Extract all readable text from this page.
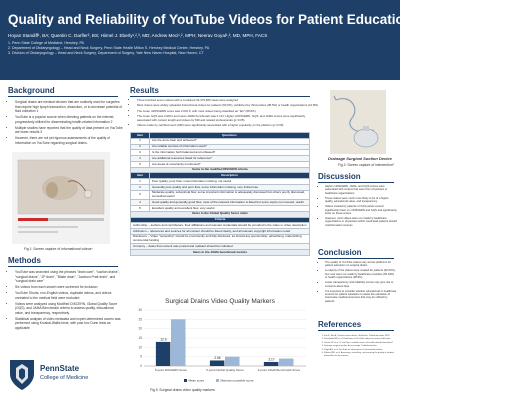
Quality and Reliability of YouTube Videos for Patient Education in Surgical Drains
Hoyan Standiff¹, BA; Quentin C. Darfler², BS; Hiimel J. Eberly¹,²,³, MD; Andrew Meci¹,², MPH; Neerav Goyal¹,², MD, MPH, FACS
1. Penn State College of Medicine, Hershey, PA
2. Department of Otolaryngology – Head and Neck Surgery, Penn State Health Milton S. Hershey Medical Center, Hershey, PA
3. Division of Otolaryngology – Head and Neck Surgery, Department of Surgery, Yale New Haven Hospital, New Haven, CT
Background
• Surgical drains are medical devices that are routinely used for surgeries that require high lymph transection, dissection, or to decrease potential of fluid collection 1
• YouTube is a popular source when directing patients on the internet, progressively utilized for disseminating health-related information 2
• Multiple studies have reported that the quality of data present on YouTube are lower-results 3
• However, there are not yet rigorous assessments of the quality of information on YouTube regarding surgical drains.
Fig 1: Screen capture of informational videos⁴
Methods
• YouTube was searched using the phrases "drain care", "suction drains", "surgical drains", "JP drain", "Blake drain", "Jackson Pratt drain", and "surgical drain care"
• Six videos from each search were screened for inclusion
• YouTube Shorts, non-English videos, duplicate videos, and videos unrelated to the medical field were excluded
• Videos were analyzed using Modified DISCERN, Global Quality Score (GQS), and JAMA Benchmark criteria to assess quality, educational value, and transparency, respectively
• Statistical analysis of video metadata and expert-determined scores was performed using Kruskal-Wallis tests, with post hoc Dunn tests as applicable
PennState
College of Medicine
Results
• Three hundred seven videos with a combined 32,479,680 views were analyzed
• Most videos were widely uploaded instructional videos for patients (54.5%), published by third parties (38.5%) or health organizations (41.8%)
• The mean mDISCERN score was 2.6±0.6, with most videos being classified as "fair" (68.6%)
• The mean GQS was 2.96±1 and mean JAMA benchmark was 2.1±1; Higher mDISCERN, GQS, and JAMA scores were significantly associated with content length and videos by MD and related professionals (p<0.05)
• Videos made by certified users (MD) were significantly associated with a higher popularity on the platform (p<0.05)
Drainage Surgical Suction Device
Fig 2: Screen capture of intervention⁵
Item	Questions
1	Are the aims clear and achieved?
2	Are reliable sources of information used?
3	Is the information both balanced and unbiased?
4	Are additional resources listed for reference?
5	Are areas of uncertainty mentioned?
Items in the modified DISCERN criteria	
Item	Description
1	Poor quality; poor flow; most information missing, not useful
2	Generally poor quality and poor flow, some information missing, very limited use
3	Moderate quality, suboptimal flow, some important information is adequately discussed but others poorly discussed, somewhat useful
4	Good quality and generally good flow, most of the relevant information is listed but some topics not covered, useful
5	Excellent quality and excellent flow, very useful
Items in the Global Quality Score index	
Criteria	
Authorship – authors and contributors, their affiliations and relevant credentials should be provided in the video or video description	
Attribution – references and sources for all content should be listed clearly, and all relevant copyright information noted	
Disclosure – Video "ownership" should be prominently and fully disclosed, as should any sponsorship, advertising, underwriting, commercial funding	
Currency – dates that content was posted and updated should be indicated	
Items in the JAMA benchmark metrics	
Surgical Drains Video Quality Markers
0
5
10
15
20
25
30
12.9
5-point DISCERN Score
2.96
5-point Global Quality Score
2.17
4-point JAMA Benchmark Score
Mean score	Maximum possible score
Fig 3: Surgical drains video quality markers
Discussion
• Higher mDISCERN, JAMA, and GQS scores were associated with content that were from physicians or healthcare organizations
• These videos were much more likely to be of a higher quality, educational value, and transparency
• Videos created by patients or third parties scored significantly lower on mDISCERN and GQS and significantly lower on these scores
• However, most videos were not made by healthcare organizations or physicians which could lead patients toward misinformation sources
Conclusion
• The quality of YouTube videos vary across platforms for patient education on surgical drains
• A majority of the videos were created for patients (62.54%), but most were not made by healthcare providers (55.94%) or health organizations (38.9%)
• Lower transparency and reliability scores may give rise to concerns about bias
• It is important to consider whether educational or healthcare sources for patient education to assist the education of inaccurate medical resources that may be utilized by patients
References
1. Kim E, Wei A. Closed suction drains. StatPearls. Published online 2023.
2. Ferhatoglu MF, et al. Evaluation of YouTube videos for patient education.
3. Osman W, et al. Is YouTube a reliable source of health-related information?
4. Drainage surgical suction device image. Published online.
5. Singh AG, et al. YouTube for information on rheumatoid arthritis.
6. Silberg WM, et al. Assessing, controlling, and assuring the quality of medical information on the internet.
